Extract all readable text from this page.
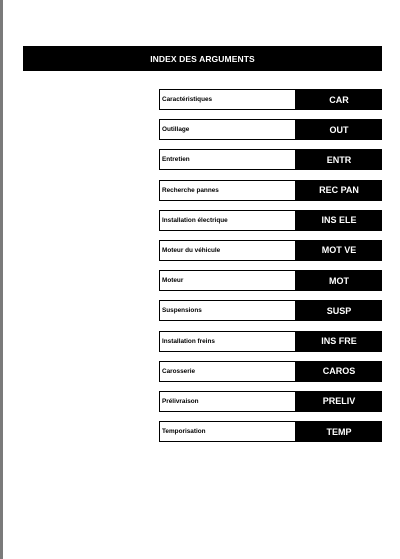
INDEX DES ARGUMENTS
Caractéristiques	CAR
Outillage	OUT
Entretien	ENTR
Recherche pannes	REC PAN
Installation électrique	INS ELE
Moteur du véhicule	MOT VE
Moteur	MOT
Suspensions	SUSP
Installation freins	INS FRE
Carosserie	CAROS
Prélivraison	PRELIV
Temporisation	TEMP
